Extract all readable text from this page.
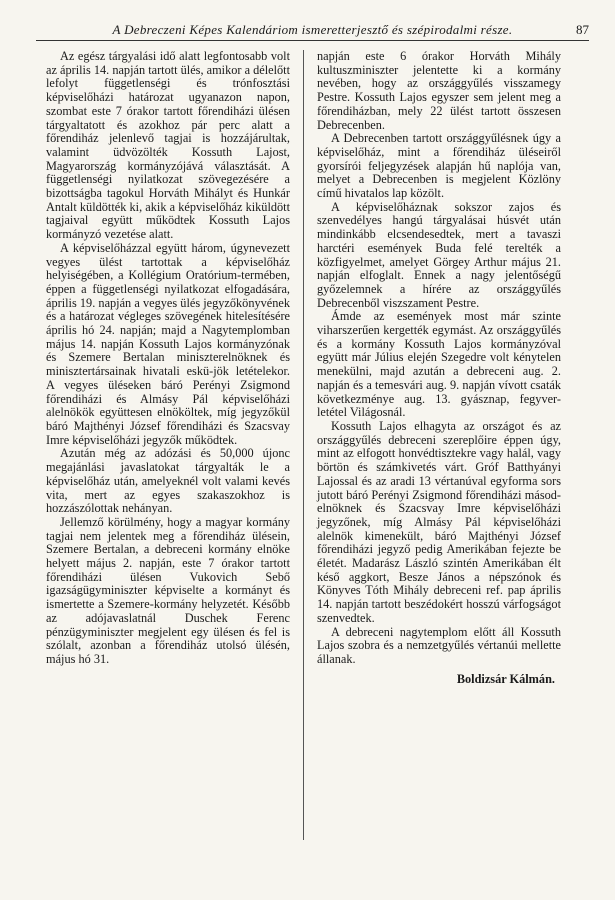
A Debreczeni Képes Kalendáriom ismeretterjesztő és szépirodalmi része.	87

Az egész tárgyalási idő alatt legfontosabb volt az április 14. napján tartott ülés, amikor a délelőtt lefolyt függetlenségi és trónfosztási képviselőházi határozat ugyanazon napon, szombat este 7 órakor tartott főrendiházi ülésen tárgyaltatott és azokhoz pár perc alatt a főrendiház jelenlevő tagjai is hozzájárultak, valamint üdvözölték Kossuth Lajost, Magyarország kormányzójává választását. A függetlenségi nyilatkozat szövegezésére a bizottságba tagokul Horváth Mihályt és Hunkár Antalt küldötték ki, akik a képviselőház kiküldött tagjaival együtt működtek Kossuth Lajos kormányzó vezetése alatt.

A képviselőházzal együtt három, úgynevezett vegyes ülést tartottak a képviselőház helyiségében, a Kollégium Oratórium-termében, éppen a függetlenségi nyilatkozat elfogadására, április 19. napján a vegyes ülés jegyzőkönyvének és a határozat végleges szövegének hitelesítésére április hó 24. napján; majd a Nagytemplomban május 14. napján Kossuth Lajos kormányzónak és Szemere Bertalan miniszterelnöknek és minisztertársainak hivatali eskü-jök letételekor. A vegyes üléseken báró Perényi Zsigmond főrendiházi és Almásy Pál képviselőházi alelnökök együttesen elnököltek, míg jegyzőkül báró Majthényi József főrendiházi és Szacsvay Imre képviselőházi jegyzők működtek.

Azután még az adózási és 50,000 újonc megajánlási javaslatokat tárgyalták le a képviselőház után, amelyeknél volt valami kevés vita, mert az egyes szakaszokhoz is hozzászólottak nehányan.

Jellemző körülmény, hogy a magyar kormány tagjai nem jelentek meg a főrendiház ülésein, Szemere Bertalan, a debreceni kormány elnöke helyett május 2. napján, este 7 órakor tartott főrendiházi ülésen Vukovich Sebő igazságügyminiszter képviselte a kormányt és ismertette a Szemere-kormány helyzetét. Később az adójavaslatnál Duschek Ferenc pénzügyminiszter megjelent egy ülésen és fel is szólalt, azonban a főrendiház utolsó ülésén, május hó 31.

napján este 6 órakor Horváth Mihály kultuszminiszter jelentette ki a kormány nevében, hogy az országgyűlés visszamegy Pestre. Kossuth Lajos egyszer sem jelent meg a főrendiházban, mely 22 ülést tartott összesen Debrecenben.

A Debrecenben tartott országgyűlésnek úgy a képviselőház, mint a főrendiház üléseiről gyorsírói feljegyzések alapján hű naplója van, melyet a Debrecenben is megjelent Közlöny című hivatalos lap közölt.

A képviselőháznak sokszor zajos és szenvedélyes hangú tárgyalásai húsvét után mindinkább elcsendesedtek, mert a tavaszi harctéri események Buda felé terelték a közfigyelmet, amelyet Görgey Arthur május 21. napján elfoglalt. Ennek a nagy jelentőségű győzelemnek a hírére az országgyűlés Debrecenből viszszament Pestre.

Ámde az események most már szinte viharszerűen kergették egymást. Az országgyűlés és a kormány Kossuth Lajos kormányzóval együtt már Július elején Szegedre volt kénytelen menekülni, majd azután a debreceni aug. 2. napján és a temesvári aug. 9. napján vívott csaták következménye aug. 13. gyásznap, fegyver-letétel Világosnál.

Kossuth Lajos elhagyta az országot és az országgyűlés debreceni szereplőire éppen úgy, mint az elfogott honvédtisztekre vagy halál, vagy börtön és számkivetés várt. Gróf Batthyányi Lajossal és az aradi 13 vértanúval egyforma sors jutott báró Perényi Zsigmond főrendiházi másod-elnöknek és Szacsvay Imre képviselőházi jegyzőnek, míg Almásy Pál képviselőházi alelnök kimenekült, báró Majthényi József főrendiházi jegyző pedig Amerikában fejezte be életét. Madarász László szintén Amerikában élt késő aggkort, Besze János a népszónok és Könyves Tóth Mihály debreceni ref. pap április 14. napján tartott beszédokért hosszú várfogságot szenvedtek.

A debreceni nagytemplom előtt áll Kossuth Lajos szobra és a nemzetgyűlés vértanúi mellette állanak.

Boldizsár Kálmán.
